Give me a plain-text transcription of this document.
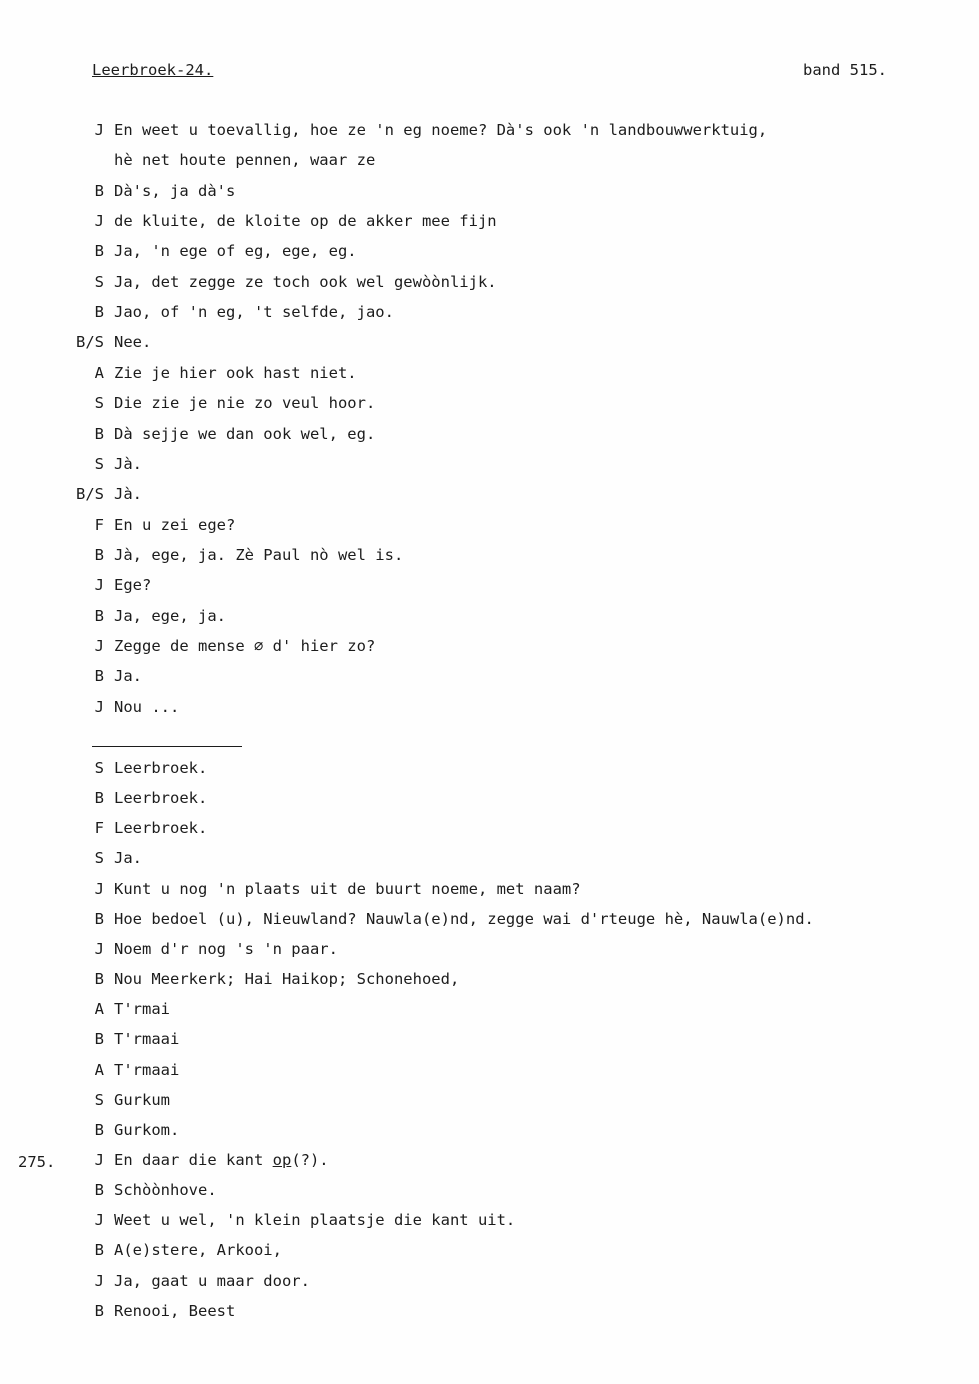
Leerbroek-24.	band 515.
J En weet u toevallig, hoe ze 'n eg noeme? Dà's ook 'n landbouwwerktuig,
hè net houte pennen, waar ze
B Dà's, ja dà's
J de kluite, de kloite op de akker mee fijn
B Ja, 'n ege of eg, ege, eg.
S Ja, det zegge ze toch ook wel gewòònlijk.
B Jao, of 'n eg, 't selfde, jao.
B/S Nee.
A Zie je hier ook hast niet.
S Die zie je nie zo veul hoor.
B Dà sejje we dan ook wel, eg.
S Jà.
B/S Jà.
F En u zei ege?
B Jà, ege, ja. Zè Paul nò wel is.
J Ege?
B Ja, ege, ja.
J Zegge de mense ∅ d' hier zo?
B Ja.
J Nou ...
S Leerbroek.
B Leerbroek.
F Leerbroek.
S Ja.
J Kunt u nog 'n plaats uit de buurt noeme, met naam?
B Hoe bedoel (u), Nieuwland? Nauwla(e)nd, zegge wai d'rteuge hè, Nauwla(e)nd.
J Noem d'r nog 's 'n paar.
B Nou Meerkerk; Hai Haikop; Schonehoed,
A T'rmai
B T'rmaai
A T'rmaai
S Gurkum
B Gurkom.
J En daar die kant op(?).
B Schòònhove.
J Weet u wel, 'n klein plaatsje die kant uit.
B A(e)stere, Arkooi,
J Ja, gaat u maar door.
B Renooi, Beest
275.
